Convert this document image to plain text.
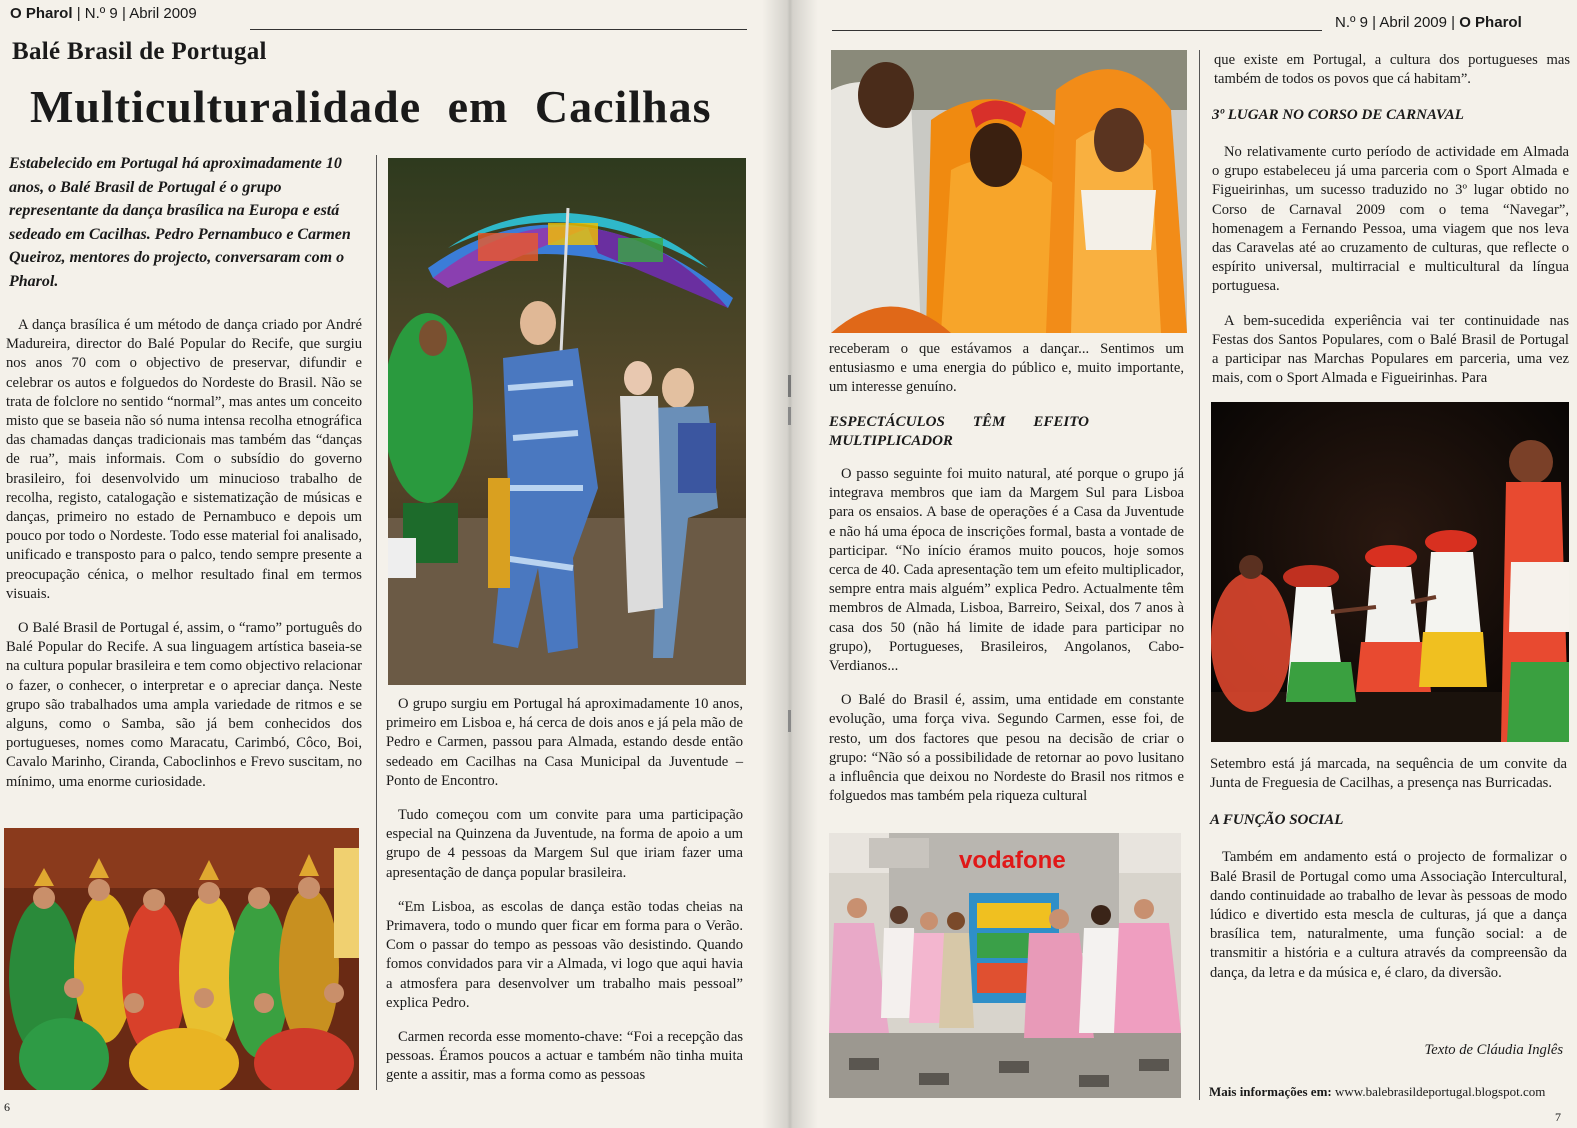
O Pharol | N.º 9 | Abril 2009
Balé Brasil de Portugal
Multiculturalidade em Cacilhas
Estabelecido em Portugal há aproximadamente 10 anos, o Balé Brasil de Portugal é o grupo representante da dança brasílica na Europa e está sedeado em Cacilhas. Pedro Pernambuco e Carmen Queiroz, mentores do projecto, conversaram com o Pharol.

A dança brasílica é um método de dança criado por André Madureira, director do Balé Popular do Recife, que surgiu nos anos 70 com o objectivo de preservar, difundir e celebrar os autos e folguedos do Nordeste do Brasil. Não se trata de folclore no sentido “normal”, mas antes um conceito misto que se baseia não só numa intensa recolha etnográfica das chamadas danças tradicionais mas também das “danças de rua”, mais informais. Com o subsídio do governo brasileiro, foi desenvolvido um minucioso trabalho de recolha, registo, catalogação e sistematização de músicas e danças, primeiro no estado de Pernambuco e depois um pouco por todo o Nordeste. Todo esse material foi analisado, unificado e transposto para o palco, tendo sempre presente a preocupação cénica, o melhor resultado final em termos visuais.

O Balé Brasil de Portugal é, assim, o “ramo” português do Balé Popular do Recife. A sua linguagem artística baseia-se na cultura popular brasileira e tem como objectivo relacionar o fazer, o conhecer, o interpretar e o apreciar dança. Neste grupo são trabalhados uma ampla variedade de ritmos e se alguns, como o Samba, são já bem conhecidos dos portugueses, nomes como Maracatu, Carimbó, Côco, Boi, Cavalo Marinho, Ciranda, Caboclinhos e Frevo suscitam, no mínimo, uma enorme curiosidade.

O grupo surgiu em Portugal há aproximadamente 10 anos, primeiro em Lisboa e, há cerca de dois anos e já pela mão de Pedro e Carmen, passou para Almada, estando desde então sedeado em Cacilhas na Casa Municipal da Juventude – Ponto de Encontro.

Tudo começou com um convite para uma participação especial na Quinzena da Juventude, na forma de apoio a um grupo de 4 pessoas da Margem Sul que iriam fazer uma apresentação de dança popular brasileira.

“Em Lisboa, as escolas de dança estão todas cheias na Primavera, todo o mundo quer ficar em forma para o Verão. Com o passar do tempo as pessoas vão desistindo. Quando fomos convidados para vir a Almada, vi logo que aqui havia a atmosfera para desenvolver um trabalho mais pessoal” explica Pedro.

Carmen recorda esse momento-chave: “Foi a recepção das pessoas. Éramos poucos a actuar e também não tinha muita gente a assitir, mas a forma como as pessoas

6
N.º 9 | Abril 2009 | O Pharol
receberam o que estávamos a dançar... Sentimos um entusiasmo e uma energia do público e, muito importante, um interesse genuíno.
ESPECTÁCULOS TÊM EFEITO MULTIPLICADOR

O passo seguinte foi muito natural, até porque o grupo já integrava membros que iam da Margem Sul para Lisboa para os ensaios. A base de operações é a Casa da Juventude e não há uma época de inscrições formal, basta a vontade de participar. “No início éramos muito poucos, hoje somos cerca de 40. Cada apresentação tem um efeito multiplicador, sempre entra mais alguém” explica Pedro. Actualmente têm membros de Almada, Lisboa, Barreiro, Seixal, dos 7 anos à casa dos 50 (não há limite de idade para participar no grupo), Portugueses, Brasileiros, Angolanos, Cabo-Verdianos...

O Balé do Brasil é, assim, uma entidade em constante evolução, uma força viva. Segundo Carmen, esse foi, de resto, um dos factores que pesou na decisão de criar o grupo: “Não só a possibilidade de retornar ao povo lusitano a influência que deixou no Nordeste do Brasil nos ritmos e folguedos mas também pela riqueza cultural

vodafone
que existe em Portugal, a cultura dos portugueses mas também de todos os povos que cá habitam”.
3º LUGAR NO CORSO DE CARNAVAL

No relativamente curto período de actividade em Almada o grupo estabeleceu já uma parceria com o Sport Almada e Figueirinhas, um sucesso traduzido no 3º lugar obtido no Corso de Carnaval 2009 com o tema “Navegar”, homenagem a Fernando Pessoa, uma viagem que nos leva das Caravelas até ao cruzamento de culturas, que reflecte o espírito universal, multirracial e multicultural da língua portuguesa.

A bem-sucedida experiência vai ter continuidade nas Festas dos Santos Populares, com o Balé Brasil de Portugal a participar nas Marchas Populares em parceria, uma vez mais, com o Sport Almada e Figueirinhas. Para

Setembro está já marcada, na sequência de um convite da Junta de Freguesia de Cacilhas, a presença nas Burricadas.

A FUNÇÃO SOCIAL

Também em andamento está o projecto de formalizar o Balé Brasil de Portugal como uma Associação Intercultural, dando continuidade ao trabalho de levar às pessoas de modo lúdico e divertido esta mescla de culturas, já que a dança brasílica tem, naturalmente, uma função social: a de transmitir a história e a cultura através da compreensão da dança, da letra e da música e, é claro, da diversão.

Texto de Cláudia Inglês
Mais informações em: www.balebrasildeportugal.blogspot.com
7
